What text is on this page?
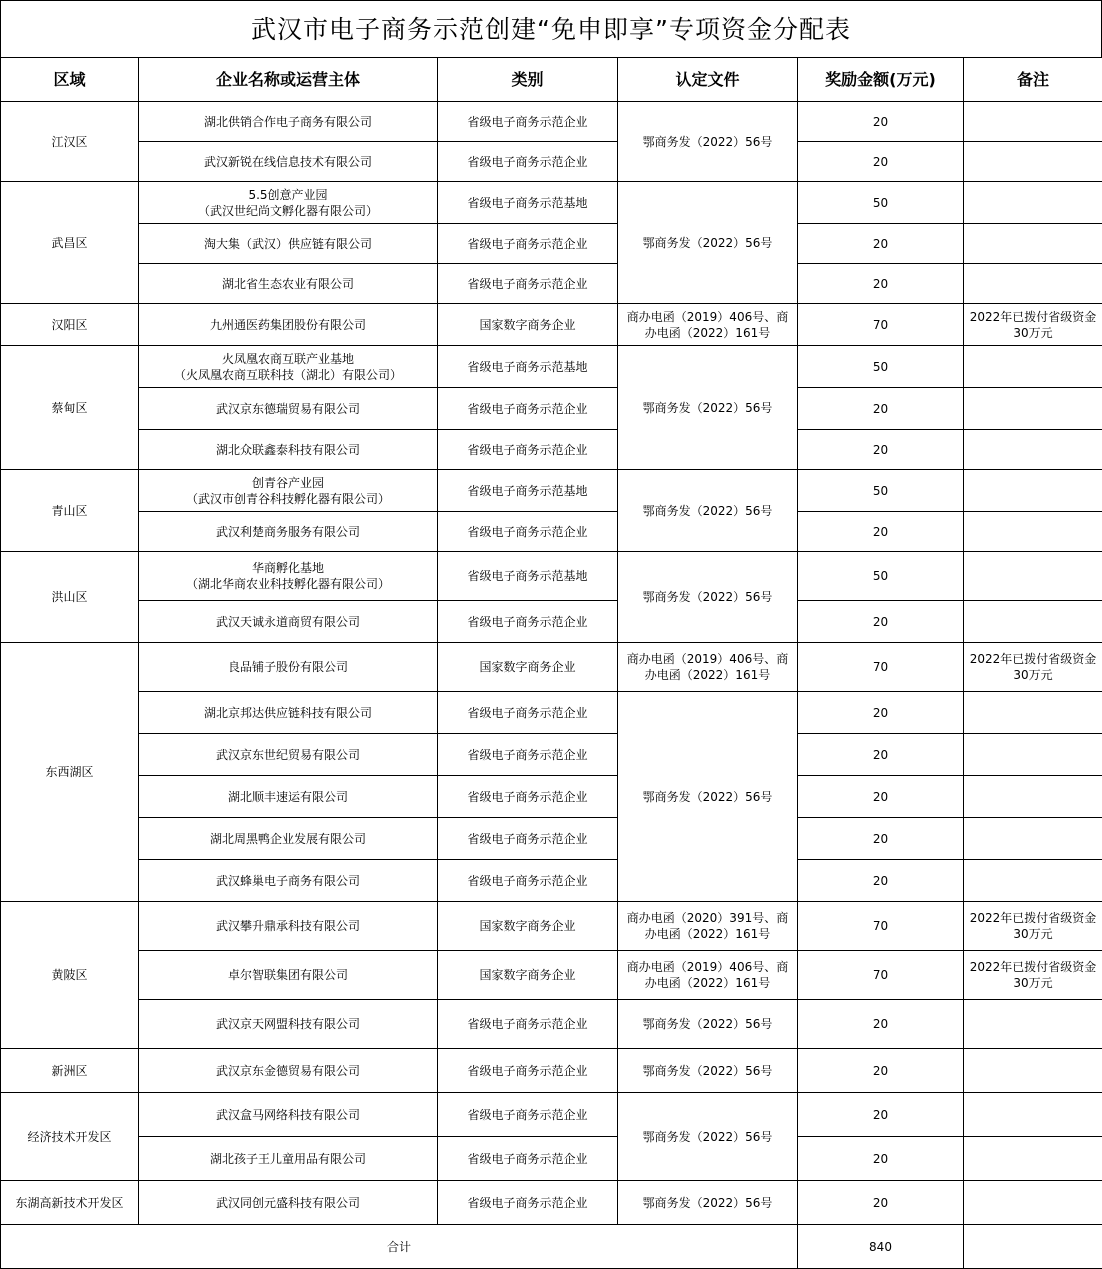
武汉市电子商务示范创建“免申即享”专项资金分配表
区域	企业名称或运营主体	类别	认定文件	奖励金额(万元)	备注
江汉区	湖北供销合作电子商务有限公司	省级电子商务示范企业	鄂商务发（2022）56号	20	
	武汉新锐在线信息技术有限公司	省级电子商务示范企业		20	
武昌区	5.5创意产业园
（武汉世纪尚文孵化器有限公司）	省级电子商务示范基地	鄂商务发（2022）56号	50	
	淘大集（武汉）供应链有限公司	省级电子商务示范企业		20	
	湖北省生态农业有限公司	省级电子商务示范企业		20	
汉阳区	九州通医药集团股份有限公司	国家数字商务企业	商办电函（2019）406号、商
办电函（2022）161号	70	2022年已拨付省级资金
30万元
蔡甸区	火凤凰农商互联产业基地
（火凤凰农商互联科技（湖北）有限公司）	省级电子商务示范基地	鄂商务发（2022）56号	50	
	武汉京东德瑞贸易有限公司	省级电子商务示范企业		20	
	湖北众联鑫泰科技有限公司	省级电子商务示范企业		20	
青山区	创青谷产业园
（武汉市创青谷科技孵化器有限公司）	省级电子商务示范基地	鄂商务发（2022）56号	50	
	武汉利楚商务服务有限公司	省级电子商务示范企业		20	
洪山区	华商孵化基地
（湖北华商农业科技孵化器有限公司）	省级电子商务示范基地	鄂商务发（2022）56号	50	
	武汉天诚永道商贸有限公司	省级电子商务示范企业		20	
东西湖区	良品铺子股份有限公司	国家数字商务企业	商办电函（2019）406号、商
办电函（2022）161号	70	2022年已拨付省级资金
30万元
	湖北京邦达供应链科技有限公司	省级电子商务示范企业	鄂商务发（2022）56号	20	
	武汉京东世纪贸易有限公司	省级电子商务示范企业		20	
	湖北顺丰速运有限公司	省级电子商务示范企业		20	
	湖北周黑鸭企业发展有限公司	省级电子商务示范企业		20	
	武汉蜂巢电子商务有限公司	省级电子商务示范企业		20	
黄陂区	武汉攀升鼎承科技有限公司	国家数字商务企业	商办电函（2020）391号、商
办电函（2022）161号	70	2022年已拨付省级资金
30万元
	卓尔智联集团有限公司	国家数字商务企业	商办电函（2019）406号、商
办电函（2022）161号	70	2022年已拨付省级资金
30万元
	武汉京天网盟科技有限公司	省级电子商务示范企业	鄂商务发（2022）56号	20	
新洲区	武汉京东金德贸易有限公司	省级电子商务示范企业	鄂商务发（2022）56号	20	
经济技术开发区	武汉盒马网络科技有限公司	省级电子商务示范企业	鄂商务发（2022）56号	20	
	湖北孩子王儿童用品有限公司	省级电子商务示范企业		20	
东湖高新技术开发区	武汉同创元盛科技有限公司	省级电子商务示范企业	鄂商务发（2022）56号	20	
合计				840	
